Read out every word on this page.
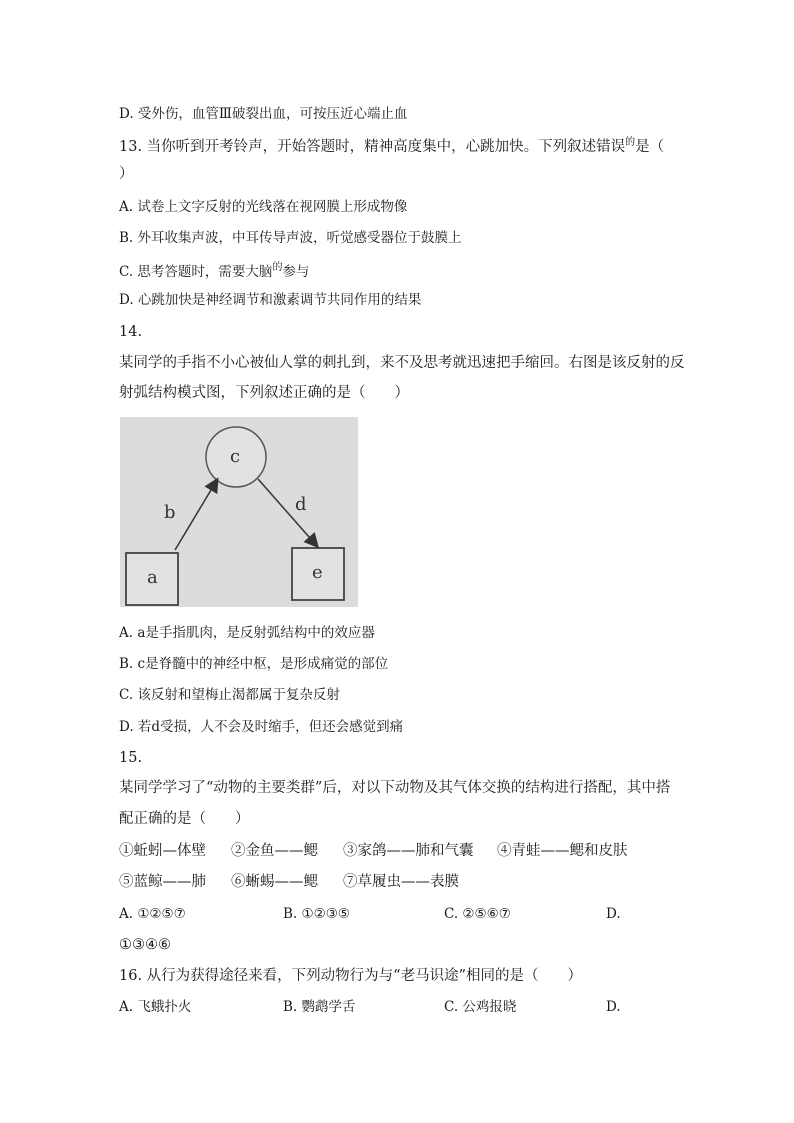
D. 受外伤，血管Ⅲ破裂出血，可按压近心端止血
13. 当你听到开考铃声，开始答题时，精神高度集中，心跳加快。下列叙述错误$^的$是（
）
A. 试卷上文字反射的光线落在视网膜上形成物像
B. 外耳收集声波，中耳传导声波，听觉感受器位于鼓膜上
C. 思考答题时，需要大脑$^的$参与
D. 心跳加快是神经调节和激素调节共同作用的结果
14.
某同学的手指不小心被仙人掌的刺扎到，来不及思考就迅速把手缩回。右图是该反射的反
射弧结构模式图，下列叙述正确的是（　　）
c
b	d
a	e
A. a是手指肌肉，是反射弧结构中的效应器
B. c是脊髓中的神经中枢，是形成痛觉的部位
C. 该反射和望梅止渴都属于复杂反射
D. 若d受损，人不会及时缩手，但还会感觉到痛
15.
某同学学习了“动物的主要类群”后，对以下动物及其气体交换的结构进行搭配，其中搭
配正确的是（　　）
①蚯蚓—体壁 ②金鱼——鳃 ③家鸽——肺和气囊 ④青蛙——鳃和皮肤
⑤蓝鲸——肺 ⑥蜥蜴——鳃 ⑦草履虫——表膜
A. ①②⑤⑦	B. ①②③⑤	C. ②⑤⑥⑦	D.
①③④⑥
16. 从行为获得途径来看，下列动物行为与“老马识途”相同的是（　　）
A. 飞蛾扑火	B. 鹦鹉学舌	C. 公鸡报晓	D.
